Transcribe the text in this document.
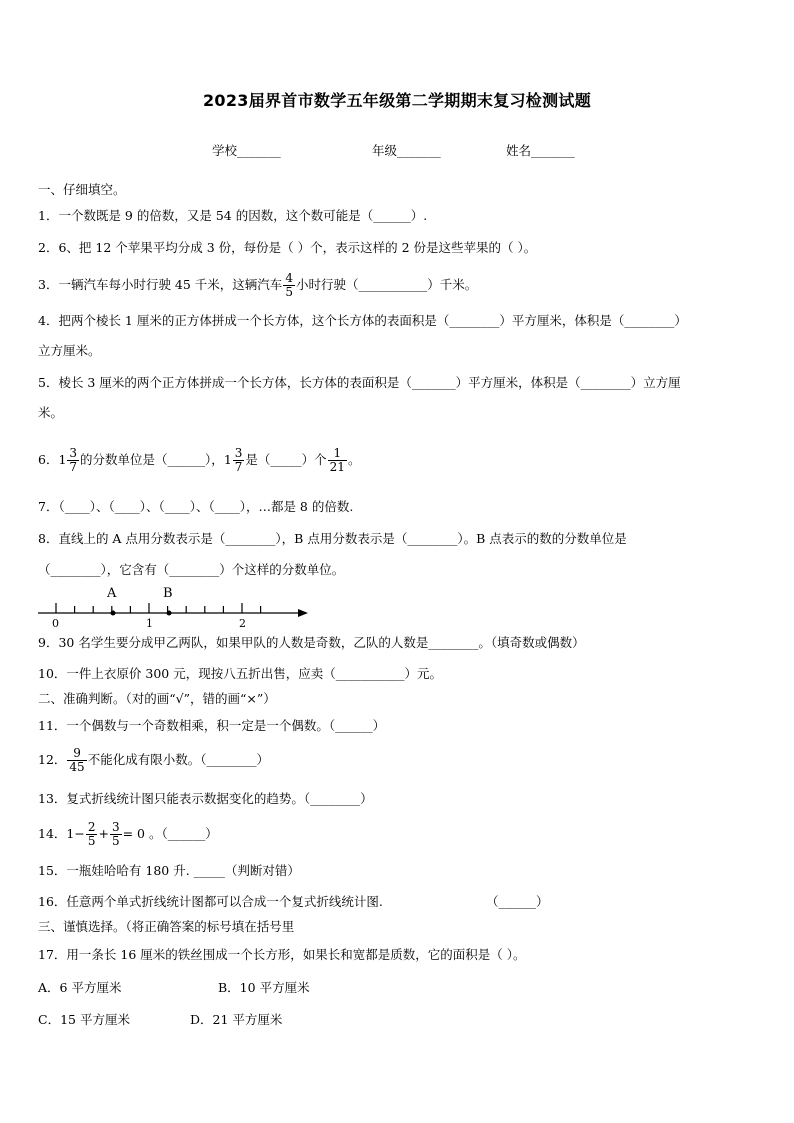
2023届界首市数学五年级第二学期期末复习检测试题
学校_______	年级_______	姓名_______
一、仔细填空。
1．一个数既是 9 的倍数，又是 54 的因数，这个数可能是（______）.
2．6、把 12 个苹果平均分成 3 份，每份是（ ）个，表示这样的 2 份是这些苹果的（ ）。
3．一辆汽车每小时行驶 45 千米，这辆汽车 $\frac{4}{5}$ 小时行驶（___________）千米。
4．把两个棱长 1 厘米的正方体拼成一个长方体，这个长方体的表面积是（________）平方厘米，体积是（________）
立方厘米。
5．棱长 3 厘米的两个正方体拼成一个长方体，长方体的表面积是（_______）平方厘米，体积是（________）立方厘
米。
6．$1 \frac{3}{7}$ 的分数单位是（______），$1 \frac{3}{7}$ 是（_____）个 $\frac{1}{21}$ 。
7．（____）、（____）、（____）、（____），…都是 8 的倍数.
8．直线上的 A 点用分数表示是（________），B 点用分数表示是（________）。B 点表示的数的分数单位是
（________），它含有（________）个这样的分数单位。
A	B
0	1	2
9．30 名学生要分成甲乙两队，如果甲队的人数是奇数，乙队的人数是________。（填奇数或偶数）
10．一件上衣原价 300 元，现按八五折出售，应卖（___________）元。
二、准确判断。（对的画“√”，错的画“×”）
11．一个偶数与一个奇数相乘，积一定是一个偶数。（______）
12． $\frac{9}{45}$ 不能化成有限小数。（________）
13．复式折线统计图只能表示数据变化的趋势。（________）
14．$1- \frac{2}{5} + \frac{3}{5} = 0$ 。（______）
15．一瓶娃哈哈有 180 升. _____（判断对错）
16．任意两个单式折线统计图都可以合成一个复式折线统计图.	（______）
三、谨慎选择。（将正确答案的标号填在括号里
17．用一条长 16 厘米的铁丝围成一个长方形，如果长和宽都是质数，它的面积是（ ）。
A．6 平方厘米	B．10 平方厘米
C．15 平方厘米	D．21 平方厘米
